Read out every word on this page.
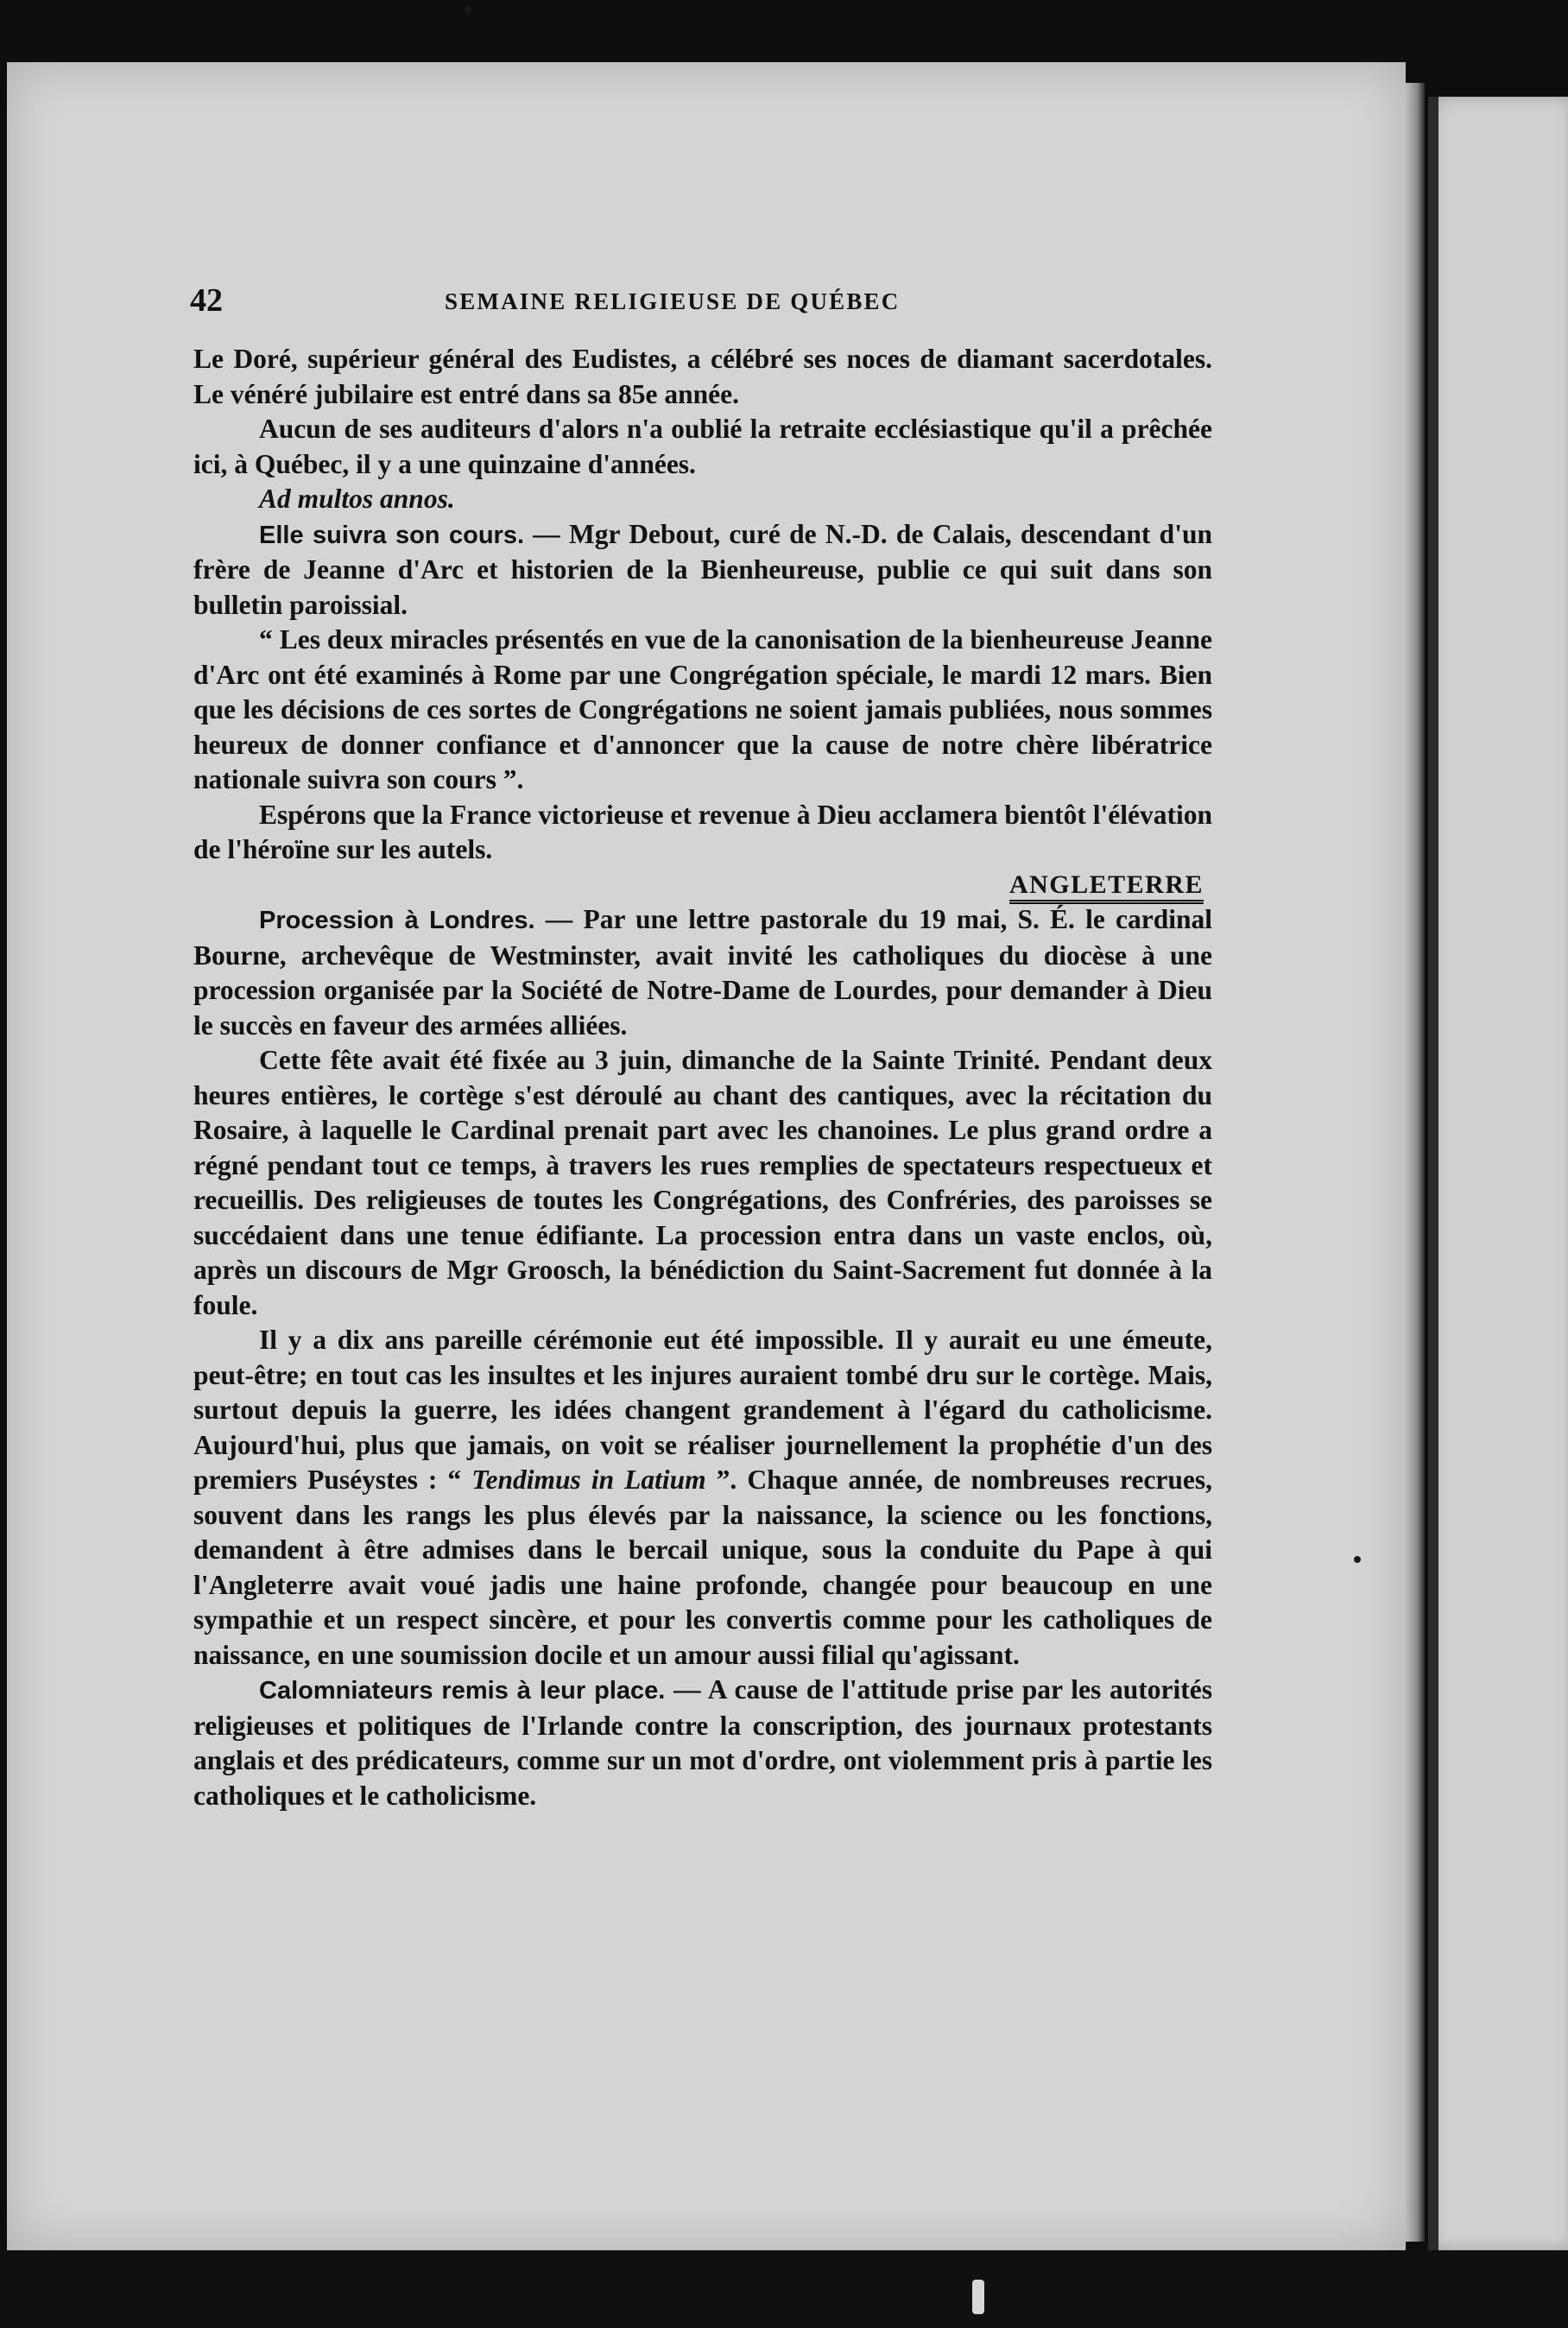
42	SEMAINE RELIGIEUSE DE QUÉBEC

Le Doré, supérieur général des Eudistes, a célébré ses noces de diamant sacerdotales. Le vénéré jubilaire est entré dans sa 85e année.

Aucun de ses auditeurs d'alors n'a oublié la retraite ecclésiastique qu'il a prêchée ici, à Québec, il y a une quinzaine d'années.

Ad multos annos.

Elle suivra son cours. — Mgr Debout, curé de N.-D. de Calais, descendant d'un frère de Jeanne d'Arc et historien de la Bienheureuse, publie ce qui suit dans son bulletin paroissial.

“ Les deux miracles présentés en vue de la canonisation de la bienheureuse Jeanne d'Arc ont été examinés à Rome par une Congrégation spéciale, le mardi 12 mars. Bien que les décisions de ces sortes de Congrégations ne soient jamais publiées, nous sommes heureux de donner confiance et d'annoncer que la cause de notre chère libératrice nationale suivra son cours ”.

Espérons que la France victorieuse et revenue à Dieu acclamera bientôt l'élévation de l'héroïne sur les autels.

ANGLETERRE

Procession à Londres. — Par une lettre pastorale du 19 mai, S. É. le cardinal Bourne, archevêque de Westminster, avait invité les catholiques du diocèse à une procession organisée par la Société de Notre-Dame de Lourdes, pour demander à Dieu le succès en faveur des armées alliées.

Cette fête avait été fixée au 3 juin, dimanche de la Sainte Trinité. Pendant deux heures entières, le cortège s'est déroulé au chant des cantiques, avec la récitation du Rosaire, à laquelle le Cardinal prenait part avec les chanoines. Le plus grand ordre a régné pendant tout ce temps, à travers les rues remplies de spectateurs respectueux et recueillis. Des religieuses de toutes les Congrégations, des Confréries, des paroisses se succédaient dans une tenue édifiante. La procession entra dans un vaste enclos, où, après un discours de Mgr Groosch, la bénédiction du Saint-Sacrement fut donnée à la foule.

Il y a dix ans pareille cérémonie eut été impossible. Il y aurait eu une émeute, peut-être; en tout cas les insultes et les injures auraient tombé dru sur le cortège. Mais, surtout depuis la guerre, les idées changent grandement à l'égard du catholicisme. Aujourd'hui, plus que jamais, on voit se réaliser journellement la prophétie d'un des premiers Puséystes : “ Tendimus in Latium ”. Chaque année, de nombreuses recrues, souvent dans les rangs les plus élevés par la naissance, la science ou les fonctions, demandent à être admises dans le bercail unique, sous la conduite du Pape à qui l'Angleterre avait voué jadis une haine profonde, changée pour beaucoup en une sympathie et un respect sincère, et pour les convertis comme pour les catholiques de naissance, en une soumission docile et un amour aussi filial qu'agissant.

Calomniateurs remis à leur place. — A cause de l'attitude prise par les autorités religieuses et politiques de l'Irlande contre la conscription, des journaux protestants anglais et des prédicateurs, comme sur un mot d'ordre, ont violemment pris à partie les catholiques et le catholicisme.
